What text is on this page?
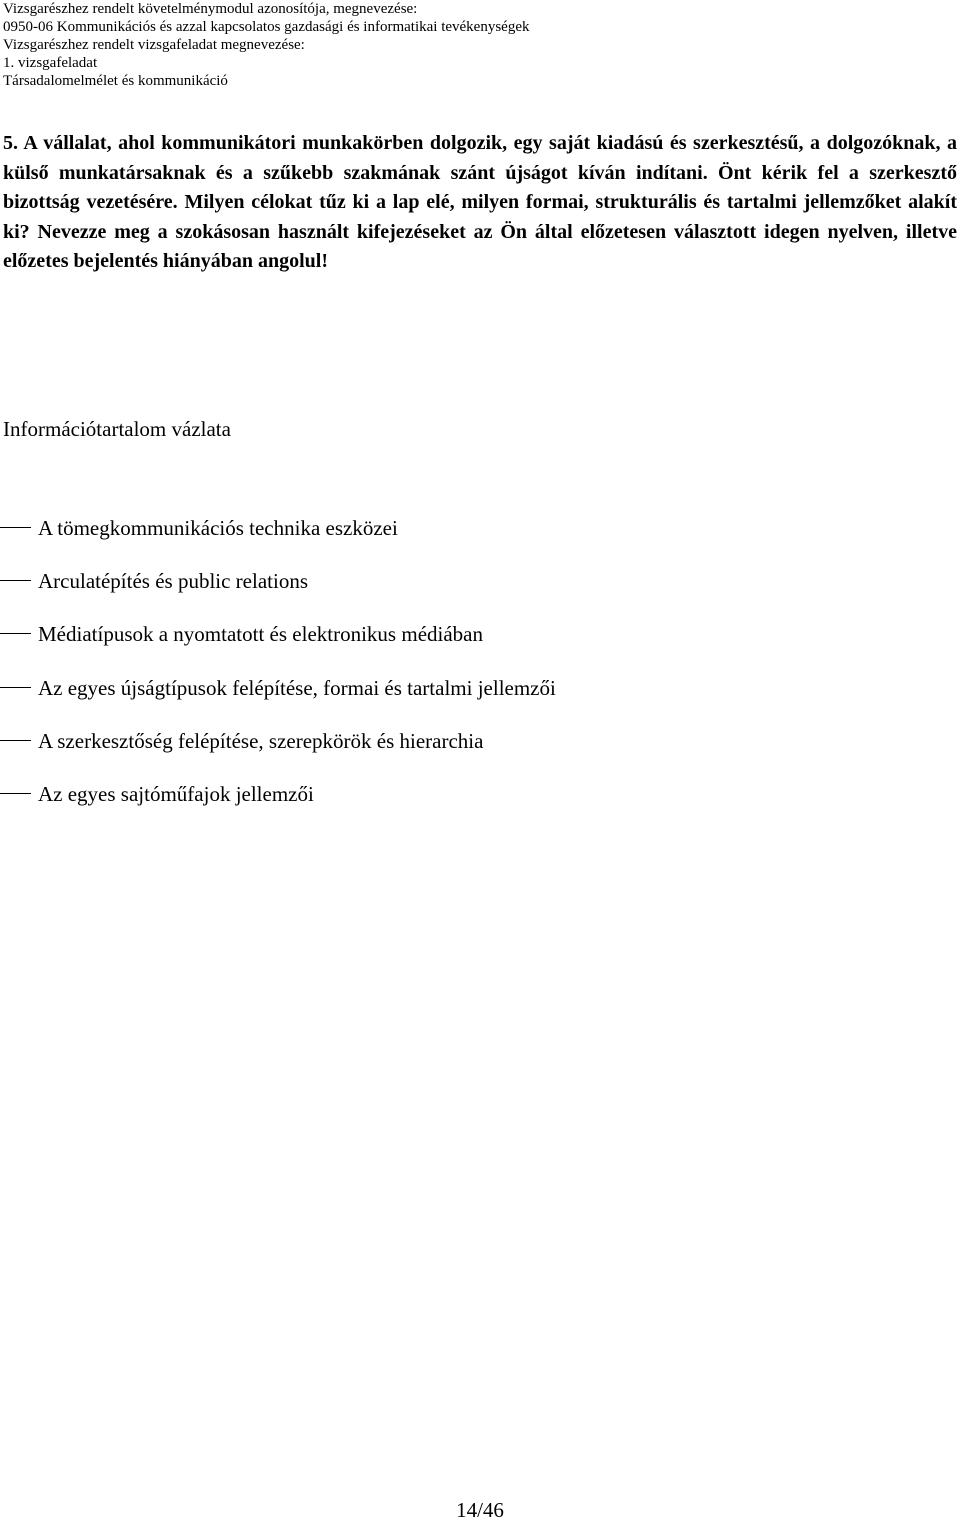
Vizsgarészhez rendelt követelménymodul azonosítója, megnevezése:
0950-06 Kommunikációs és azzal kapcsolatos gazdasági és informatikai tevékenységek
Vizsgarészhez rendelt vizsgafeladat megnevezése:
1. vizsgafeladat
Társadalomelmélet és kommunikáció
5. A vállalat, ahol kommunikátori munkakörben dolgozik, egy saját kiadású és szerkesztésű, a dolgozóknak, a külső munkatársaknak és a szűkebb szakmának szánt újságot kíván indítani. Önt kérik fel a szerkesztő bizottság vezetésére. Milyen célokat tűz ki a lap elé, milyen formai, strukturális és tartalmi jellemzőket alakít ki? Nevezze meg a szokásosan használt kifejezéseket az Ön által előzetesen választott idegen nyelven, illetve előzetes bejelentés hiányában angolul!
Információtartalom vázlata
A tömegkommunikációs technika eszközei
Arculatépítés és public relations
Médiatípusok a nyomtatott és elektronikus médiában
Az egyes újságtípusok felépítése, formai és tartalmi jellemzői
A szerkesztőség felépítése, szerepkörök és hierarchia
Az egyes sajtóműfajok jellemzői
14/46
